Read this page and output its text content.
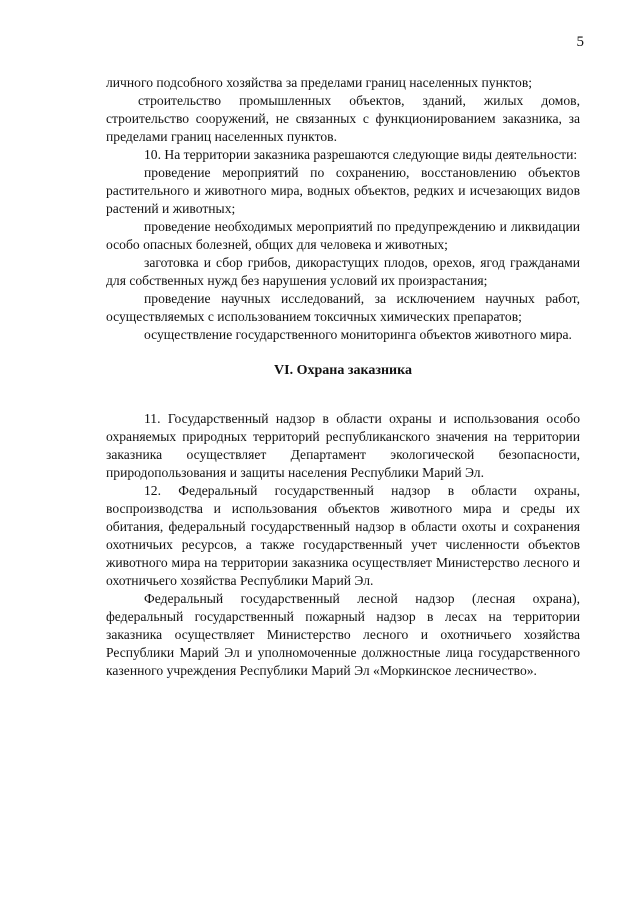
5

личного подсобного хозяйства за пределами границ населенных пунктов;

строительство промышленных объектов, зданий, жилых домов, строительство сооружений, не связанных с функционированием заказника, за пределами границ населенных пунктов.

10. На территории заказника разрешаются следующие виды деятельности:

проведение мероприятий по сохранению, восстановлению объектов растительного и животного мира, водных объектов, редких и исчезающих видов растений и животных;

проведение необходимых мероприятий по предупреждению и ликвидации особо опасных болезней, общих для человека и животных;

заготовка и сбор грибов, дикорастущих плодов, орехов, ягод гражданами для собственных нужд без нарушения условий их произрастания;

проведение научных исследований, за исключением научных работ, осуществляемых с использованием токсичных химических препаратов;

осуществление государственного мониторинга объектов животного мира.

VI. Охрана заказника

11. Государственный надзор в области охраны и использования особо охраняемых природных территорий республиканского значения на территории заказника осуществляет Департамент экологической безопасности, природопользования и защиты населения Республики Марий Эл.

12. Федеральный государственный надзор в области охраны, воспроизводства и использования объектов животного мира и среды их обитания, федеральный государственный надзор в области охоты и сохранения охотничьих ресурсов, а также государственный учет численности объектов животного мира на территории заказника осуществляет Министерство лесного и охотничьего хозяйства Республики Марий Эл.

Федеральный государственный лесной надзор (лесная охрана), федеральный государственный пожарный надзор в лесах на территории заказника осуществляет Министерство лесного и охотничьего хозяйства Республики Марий Эл и уполномоченные должностные лица государственного казенного учреждения Республики Марий Эл «Моркинское лесничество».
